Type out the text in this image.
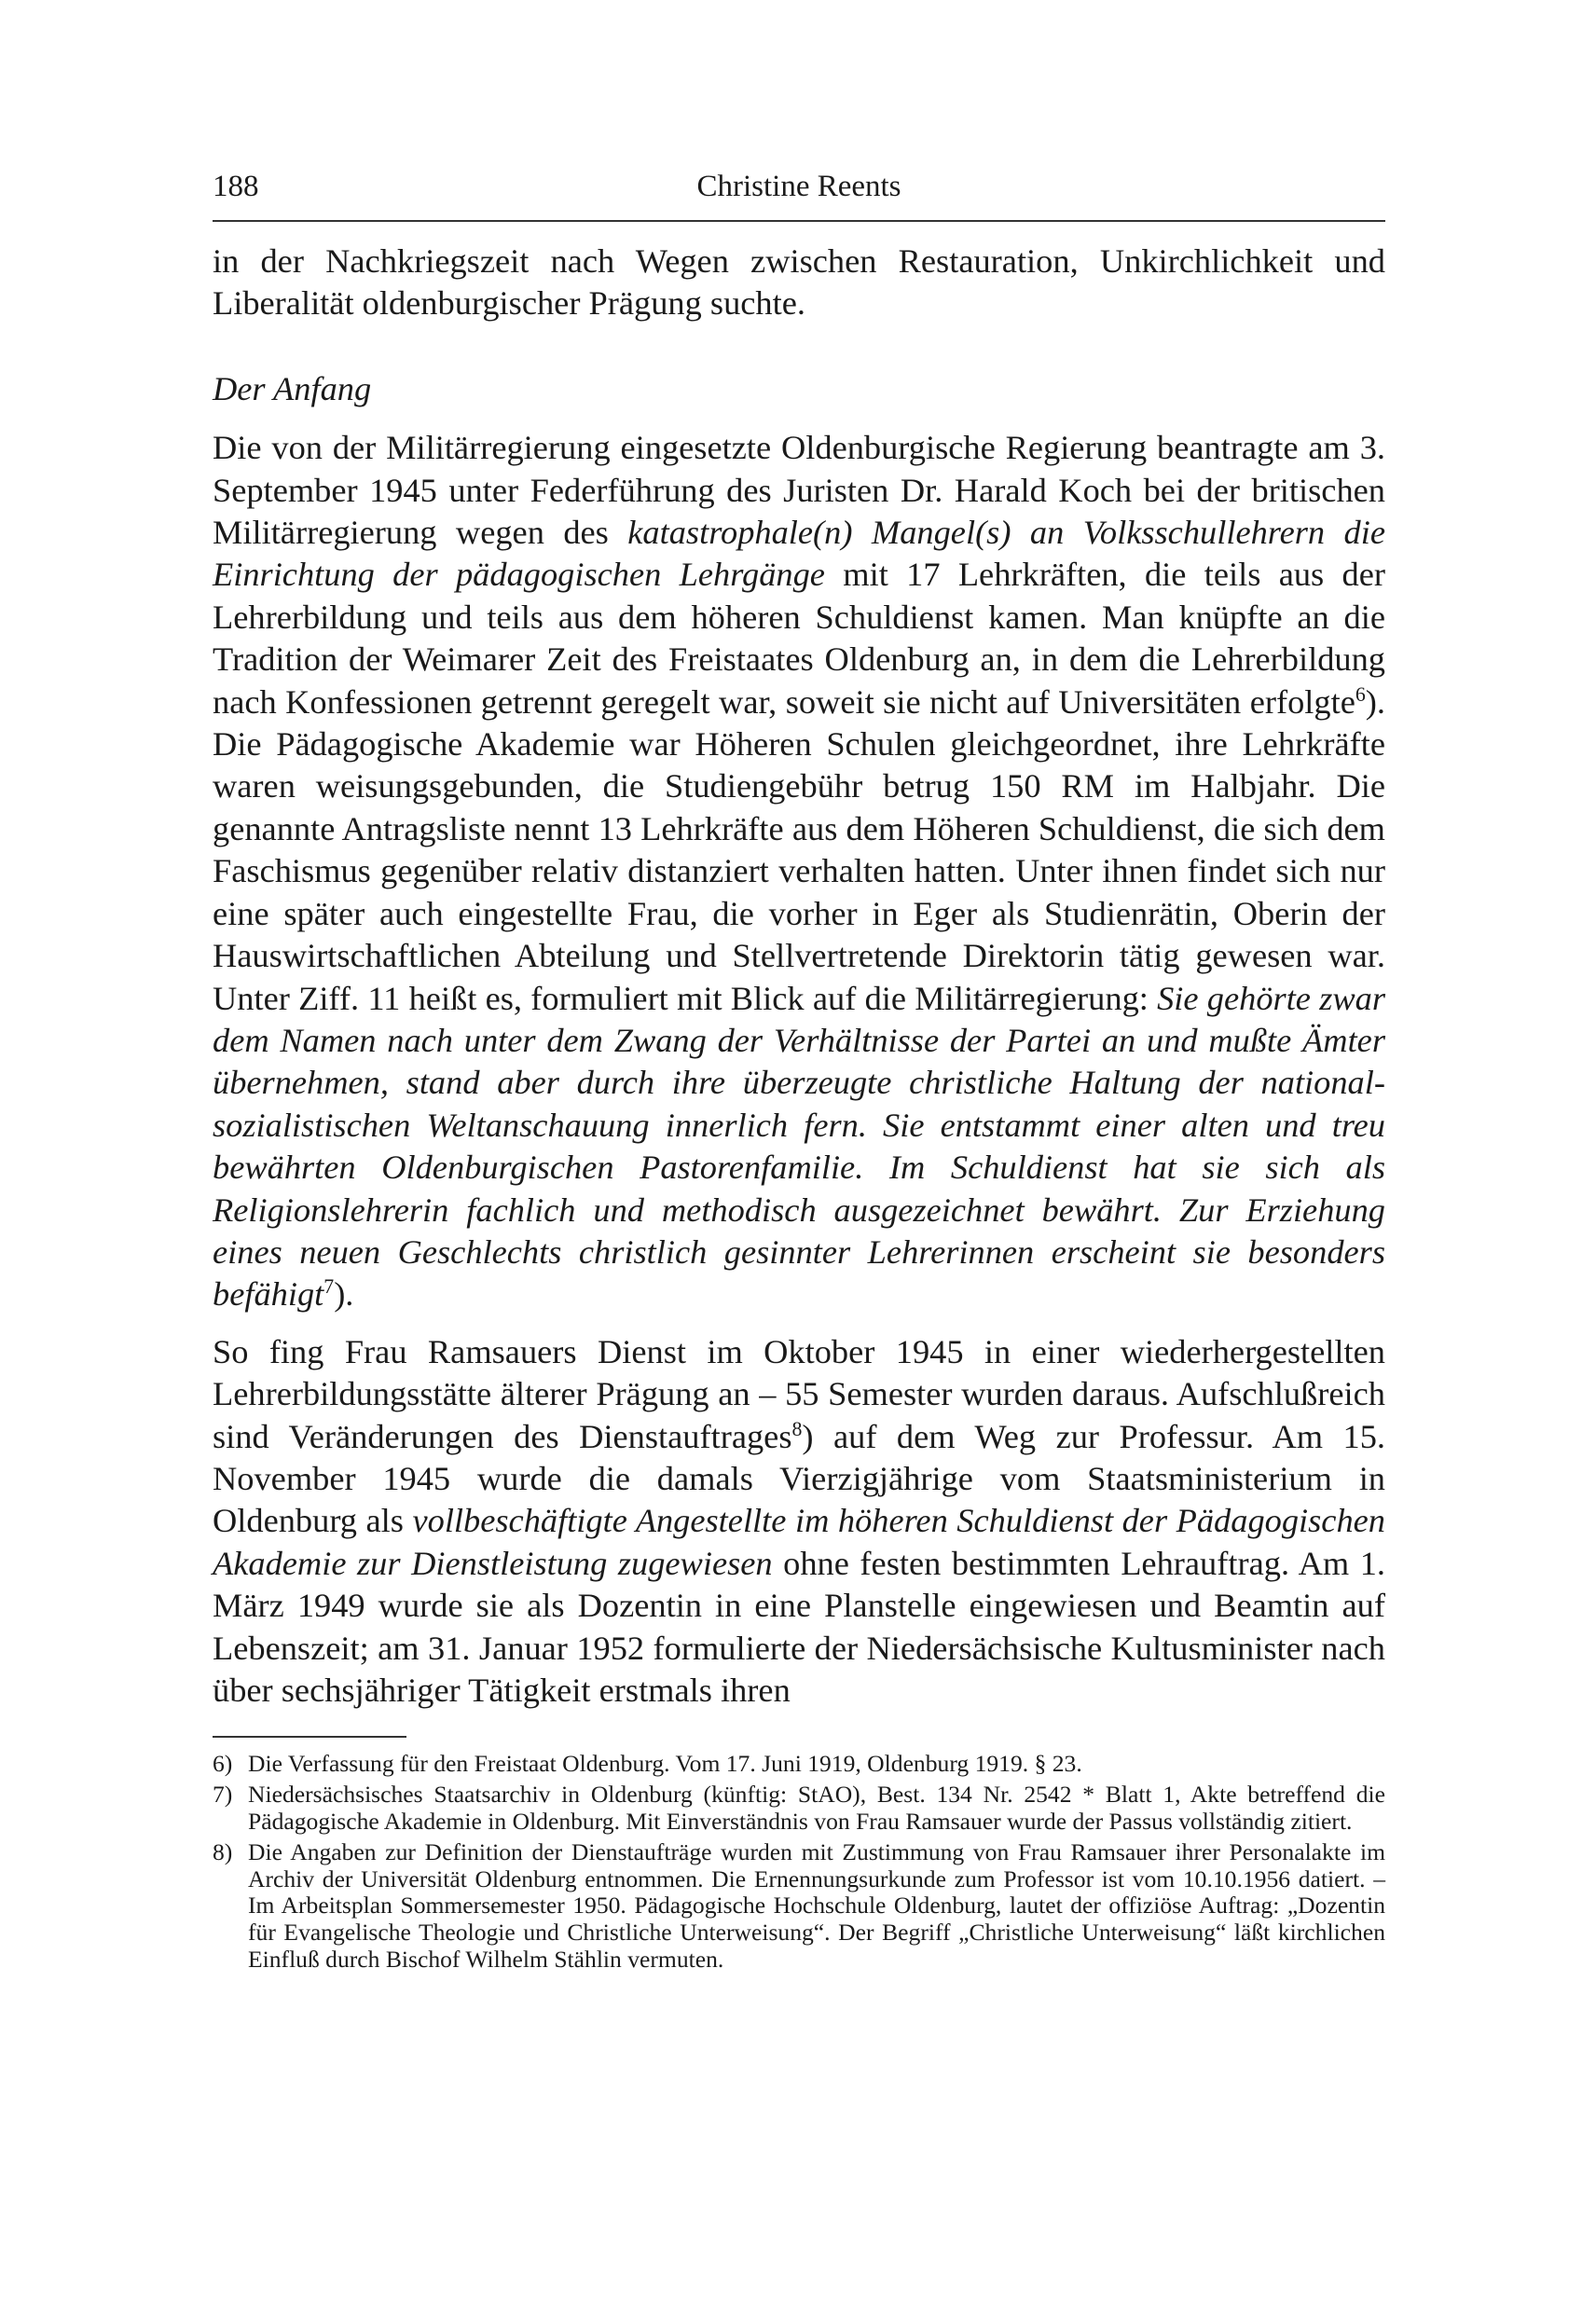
188	Christine Reents

in der Nachkriegszeit nach Wegen zwischen Restauration, Unkirchlichkeit und Liberalität oldenburgischer Prägung suchte.

Der Anfang

Die von der Militärregierung eingesetzte Oldenburgische Regierung beantragte am 3. September 1945 unter Federführung des Juristen Dr. Harald Koch bei der britischen Militärregierung wegen des katastrophale(n) Mangel(s) an Volksschullehrern die Einrichtung der pädagogischen Lehrgänge mit 17 Lehrkräften, die teils aus der Lehrerbildung und teils aus dem höheren Schuldienst kamen. Man knüpfte an die Tradition der Weimarer Zeit des Freistaates Oldenburg an, in dem die Lehrerbildung nach Konfessionen getrennt geregelt war, soweit sie nicht auf Universitäten erfolgte$^6$). Die Pädagogische Akademie war Höheren Schulen gleichgeordnet, ihre Lehrkräfte waren weisungsgebunden, die Studiengebühr betrug 150 RM im Halbjahr. Die genannte Antragsliste nennt 13 Lehrkräfte aus dem Höheren Schuldienst, die sich dem Faschismus gegenüber relativ distanziert verhalten hatten. Unter ihnen findet sich nur eine später auch eingestellte Frau, die vorher in Eger als Studienrätin, Oberin der Hauswirtschaftlichen Abteilung und Stellvertretende Direktorin tätig gewesen war. Unter Ziff. 11 heißt es, formuliert mit Blick auf die Militärregierung: Sie gehörte zwar dem Namen nach unter dem Zwang der Verhältnisse der Partei an und mußte Ämter übernehmen, stand aber durch ihre überzeugte christliche Haltung der nationalsozialistischen Weltanschauung innerlich fern. Sie entstammt einer alten und treu bewährten Oldenburgischen Pastorenfamilie. Im Schuldienst hat sie sich als Religionslehrerin fachlich und methodisch ausgezeichnet bewährt. Zur Erziehung eines neuen Geschlechts christlich gesinnter Lehrerinnen erscheint sie besonders befähigt$^7$).

So fing Frau Ramsauers Dienst im Oktober 1945 in einer wiederhergestellten Lehrerbildungsstätte älterer Prägung an – 55 Semester wurden daraus. Aufschlußreich sind Veränderungen des Dienstauftrages$^8$) auf dem Weg zur Professur. Am 15. November 1945 wurde die damals Vierzigjährige vom Staatsministerium in Oldenburg als vollbeschäftigte Angestellte im höheren Schuldienst der Pädagogischen Akademie zur Dienstleistung zugewiesen ohne festen bestimmten Lehrauftrag. Am 1. März 1949 wurde sie als Dozentin in eine Planstelle eingewiesen und Beamtin auf Lebenszeit; am 31. Januar 1952 formulierte der Niedersächsische Kultusminister nach über sechsjähriger Tätigkeit erstmals ihren

6) Die Verfassung für den Freistaat Oldenburg. Vom 17. Juni 1919, Oldenburg 1919. § 23.
7) Niedersächsisches Staatsarchiv in Oldenburg (künftig: StAO), Best. 134 Nr. 2542 * Blatt 1, Akte betreffend die Pädagogische Akademie in Oldenburg. Mit Einverständnis von Frau Ramsauer wurde der Passus vollständig zitiert.
8) Die Angaben zur Definition der Dienstaufträge wurden mit Zustimmung von Frau Ramsauer ihrer Personalakte im Archiv der Universität Oldenburg entnommen. Die Ernennungsurkunde zum Professor ist vom 10.10.1956 datiert. – Im Arbeitsplan Sommersemester 1950. Pädagogische Hochschule Oldenburg, lautet der offiziöse Auftrag: „Dozentin für Evangelische Theologie und Christliche Unterweisung“. Der Begriff „Christliche Unterweisung“ läßt kirchlichen Einfluß durch Bischof Wilhelm Stählin vermuten.
